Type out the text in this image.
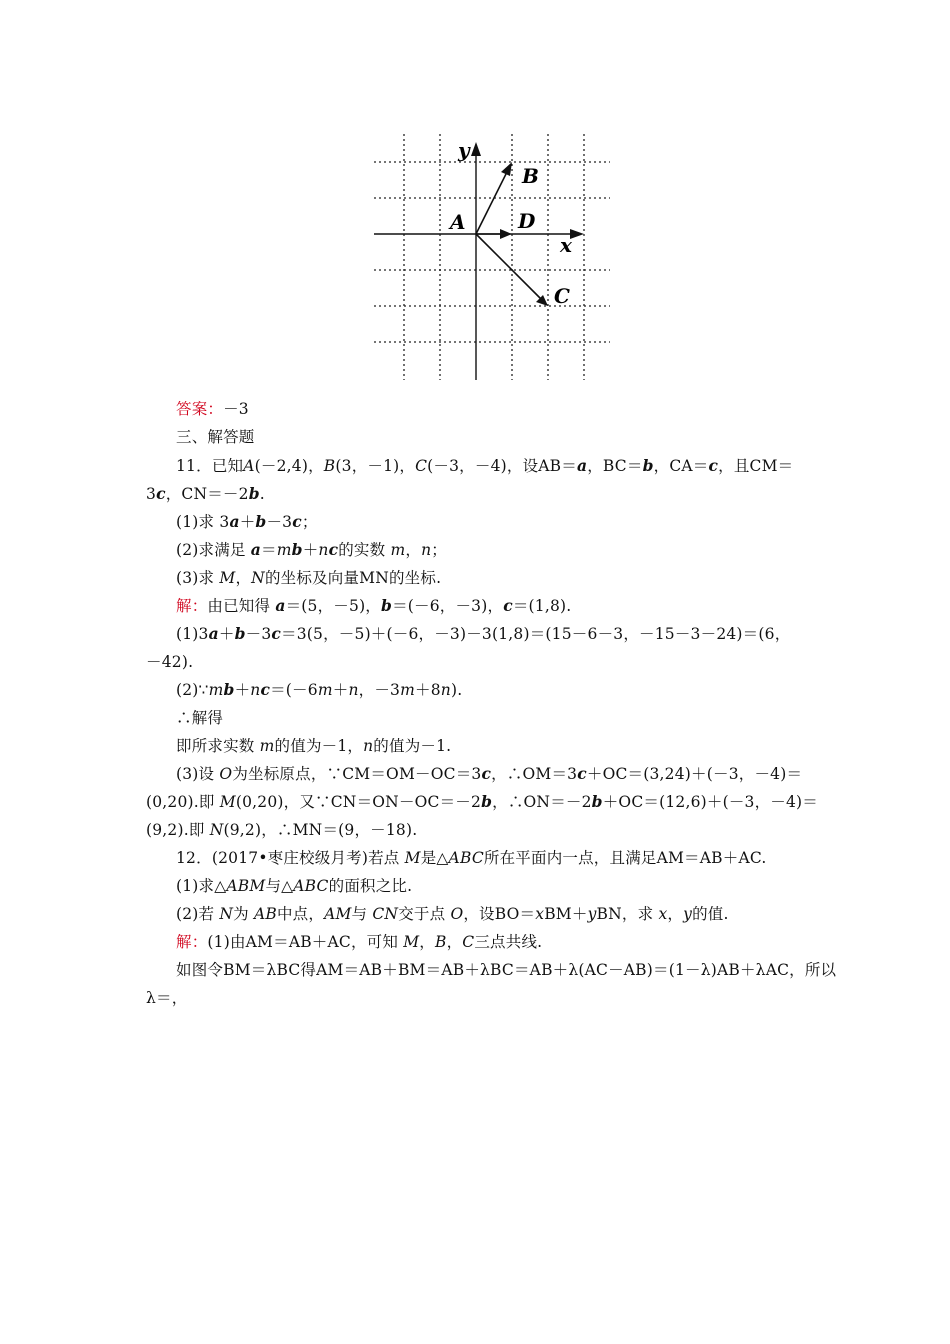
y
B
A	D
x
C
答案：－3
三、解答题
11．已知A(－2,4)，B(3，－1)，C(－3，－4)，设AB＝a，BC＝b，CA＝c，且CM＝
3c，CN＝－2b.
(1)求 3a＋b－3c；
(2)求满足 a＝mb＋nc的实数 m，n；
(3)求 M，N的坐标及向量MN的坐标.
解：由已知得 a＝(5，－5)，b＝(－6，－3)，c＝(1,8).
(1)3a＋b－3c＝3(5，－5)＋(－6，－3)－3(1,8)＝(15－6－3，－15－3－24)＝(6，
－42).
(2)∵mb＋nc＝(－6m＋n，－3m＋8n).
∴解得
即所求实数 m的值为－1，n的值为－1.
(3)设 O为坐标原点，∵CM＝OM－OC＝3c，∴OM＝3c＋OC＝(3,24)＋(－3，－4)＝
(0,20).即 M(0,20)，又∵CN＝ON－OC＝－2b，∴ON＝－2b＋OC＝(12,6)＋(－3，－4)＝
(9,2).即 N(9,2)，∴MN＝(9，－18).
12．(2017•枣庄校级月考)若点 M是△ABC所在平面内一点，且满足AM＝AB＋AC.
(1)求△ABM与△ABC的面积之比.
(2)若 N为 AB中点，AM与 CN交于点 O，设BO＝xBM＋yBN，求 x，y的值.
解：(1)由AM＝AB＋AC，可知 M，B，C三点共线.
如图令BM＝λBC得AM＝AB＋BM＝AB＋λBC＝AB＋λ(AC－AB)＝(1－λ)AB＋λAC，所以
λ＝，
